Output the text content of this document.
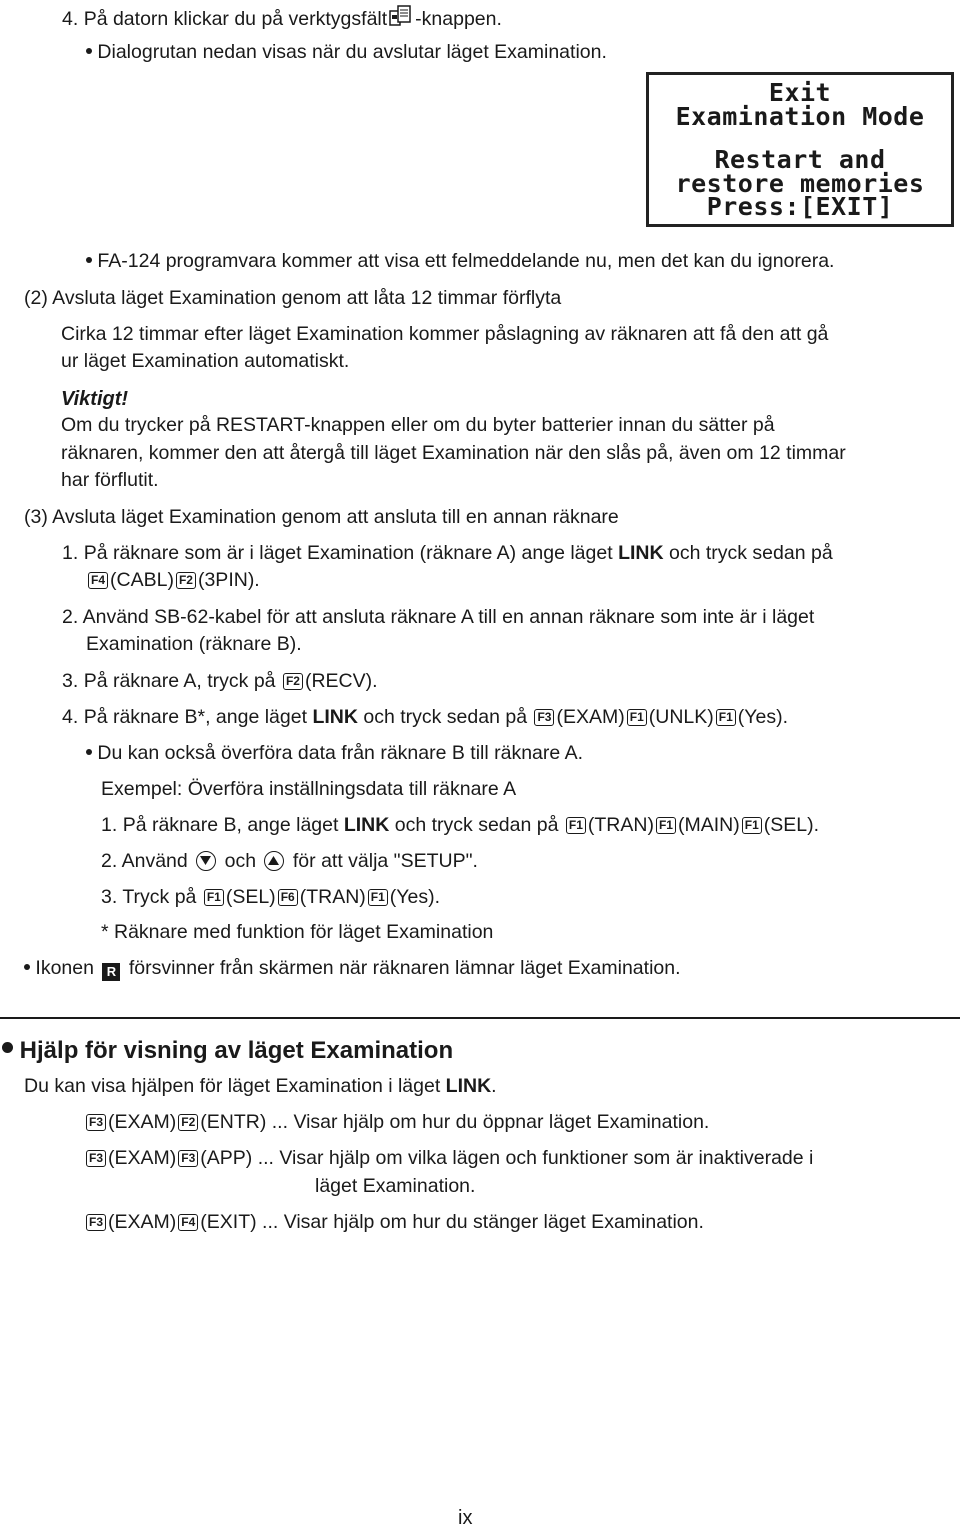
4. På datorn klickar du på verktygsfält -knappen.
Dialogrutan nedan visas när du avslutar läget Examination.
Exit
Examination Mode
Restart and
restore memories
Press:[EXIT]
FA-124 programvara kommer att visa ett felmeddelande nu, men det kan du ignorera.
(2) Avsluta läget Examination genom att låta 12 timmar förflyta
Cirka 12 timmar efter läget Examination kommer påslagning av räknaren att få den att gå
ur läget Examination automatiskt.
Viktigt!
Om du trycker på RESTART-knappen eller om du byter batterier innan du sätter på
räknaren, kommer den att återgå till läget Examination när den slås på, även om 12 timmar
har förflutit.
(3) Avsluta läget Examination genom att ansluta till en annan räknare
1. På räknare som är i läget Examination (räknare A) ange läget LINK och tryck sedan på
F4 (CABL) F2 (3PIN).
2. Använd SB-62-kabel för att ansluta räknare A till en annan räknare som inte är i läget
Examination (räknare B).
3. På räknare A, tryck på F2 (RECV).
4. På räknare B*, ange läget LINK och tryck sedan på F3 (EXAM) F1 (UNLK) F1 (Yes).
Du kan också överföra data från räknare B till räknare A.
Exempel: Överföra inställningsdata till räknare A
1. På räknare B, ange läget LINK och tryck sedan på F1 (TRAN) F1 (MAIN) F1 (SEL).
2. Använd och för att välja "SETUP".
3. Tryck på F1 (SEL) F6 (TRAN) F1 (Yes).
* Räknare med funktion för läget Examination
Ikonen R försvinner från skärmen när räknaren lämnar läget Examination.
Hjälp för visning av läget Examination
Du kan visa hjälpen för läget Examination i läget LINK.
F3 (EXAM) F2 (ENTR) ... Visar hjälp om hur du öppnar läget Examination.
F3 (EXAM) F3 (APP) ... Visar hjälp om vilka lägen och funktioner som är inaktiverade i
läget Examination.
F3 (EXAM) F4 (EXIT) ... Visar hjälp om hur du stänger läget Examination.
ix
